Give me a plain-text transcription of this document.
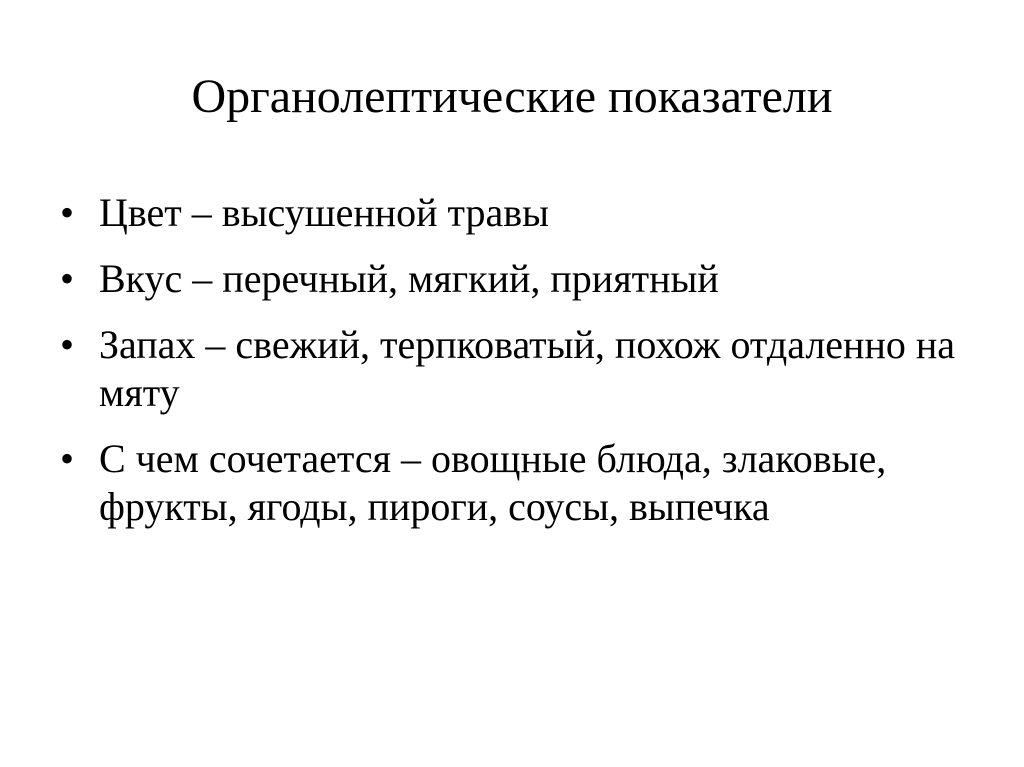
Органолептические показатели
• Цвет – высушенной травы
• Вкус – перечный, мягкий, приятный
• Запах – свежий, терпковатый, похож отдаленно на мяту
• С чем сочетается – овощные блюда, злаковые, фрукты, ягоды, пироги, соусы, выпечка
